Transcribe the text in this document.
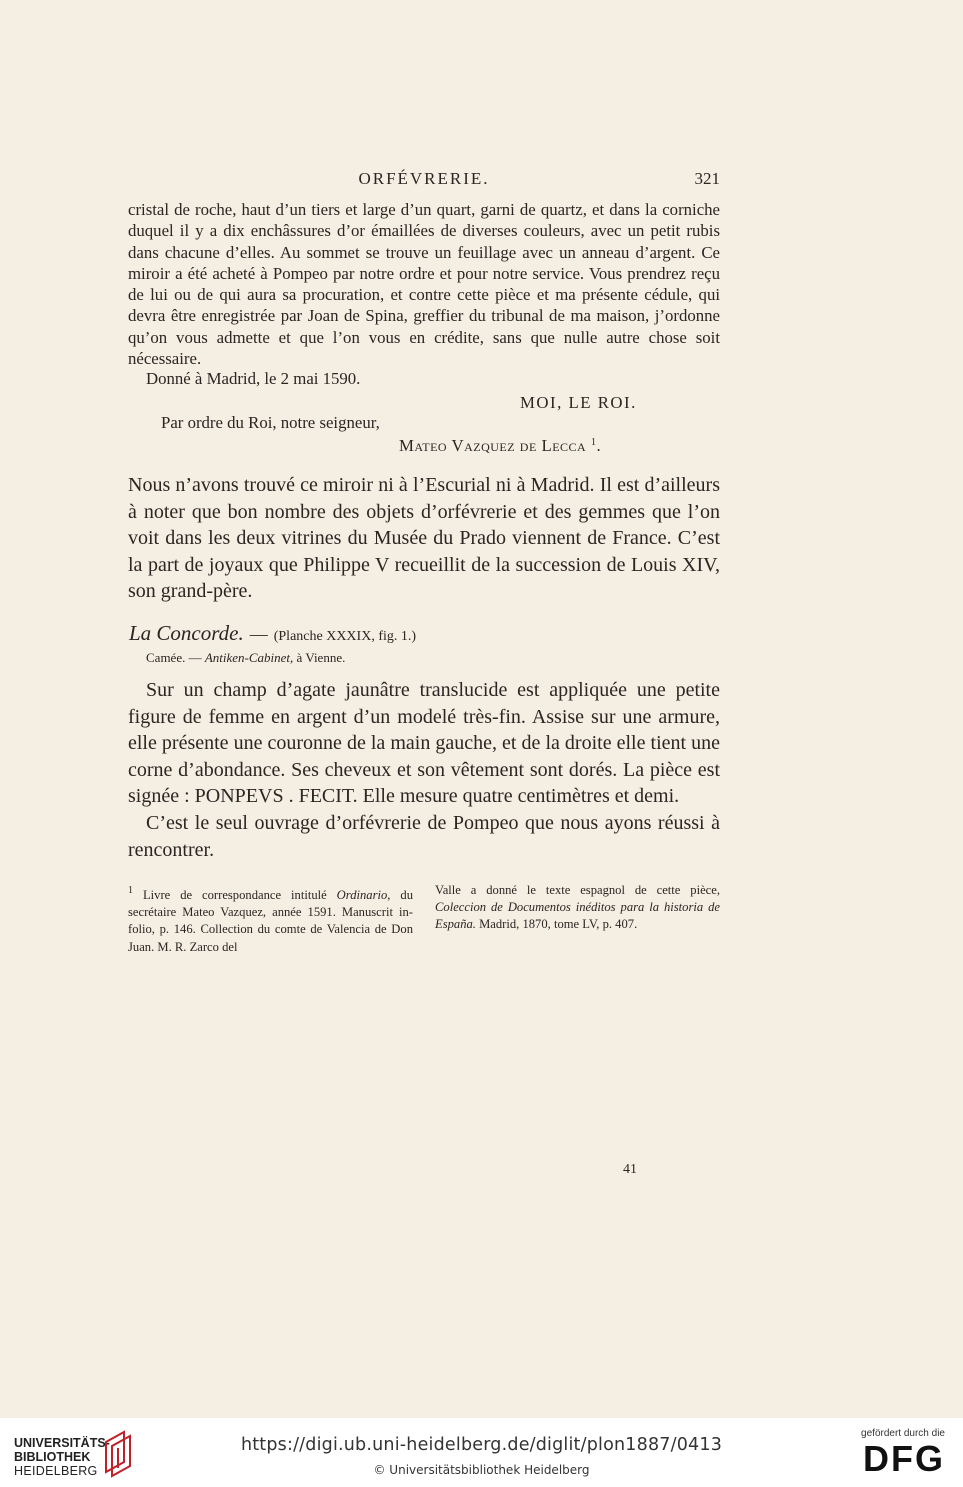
ORFÉVRERIE.	321

cristal de roche, haut d’un tiers et large d’un quart, garni de quartz, et dans la corniche duquel il y a dix enchâssures d’or émaillées de diverses couleurs, avec un petit rubis dans chacune d’elles. Au sommet se trouve un feuillage avec un anneau d’argent. Ce miroir a été acheté à Pompeo par notre ordre et pour notre service. Vous prendrez reçu de lui ou de qui aura sa procuration, et contre cette pièce et ma présente cédule, qui devra être enregistrée par Joan de Spina, greffier du tribunal de ma maison, j’ordonne qu’on vous admette et que l’on vous en crédite, sans que nulle autre chose soit nécessaire.

Donné à Madrid, le 2 mai 1590.
MOI, LE ROI.
Par ordre du Roi, notre seigneur,
Mateo Vazquez de Lecca $^1$.

Nous n’avons trouvé ce miroir ni à l’Escurial ni à Madrid. Il est d’ailleurs à noter que bon nombre des objets d’orfévrerie et des gemmes que l’on voit dans les deux vitrines du Musée du Prado viennent de France. C’est la part de joyaux que Philippe V recueillit de la succession de Louis XIV, son grand-père.

La Concorde. — (Planche XXXIX, fig. 1.)
Camée. — Antiken-Cabinet, à Vienne.

Sur un champ d’agate jaunâtre translucide est appliquée une petite figure de femme en argent d’un modelé très-fin. Assise sur une armure, elle présente une couronne de la main gauche, et de la droite elle tient une corne d’abondance. Ses cheveux et son vêtement sont dorés. La pièce est signée : PONPEVS . FECIT. Elle mesure quatre centimètres et demi.

C’est le seul ouvrage d’orfévrerie de Pompeo que nous ayons réussi à rencontrer.

$^1$ Livre de correspondance intitulé Ordinario, du secrétaire Mateo Vazquez, année 1591. Manuscrit in-folio, p. 146. Collection du comte de Valencia de Don Juan. M. R. Zarco del
Valle a donné le texte espagnol de cette pièce, Coleccion de Documentos inéditos para la historia de España. Madrid, 1870, tome LV, p. 407.
41
UNIVERSITÄTS-
BIBLIOTHEK
HEIDELBERG
https://digi.ub.uni-heidelberg.de/diglit/plon1887/0413
© Universitätsbibliothek Heidelberg
gefördert durch die
DFG
